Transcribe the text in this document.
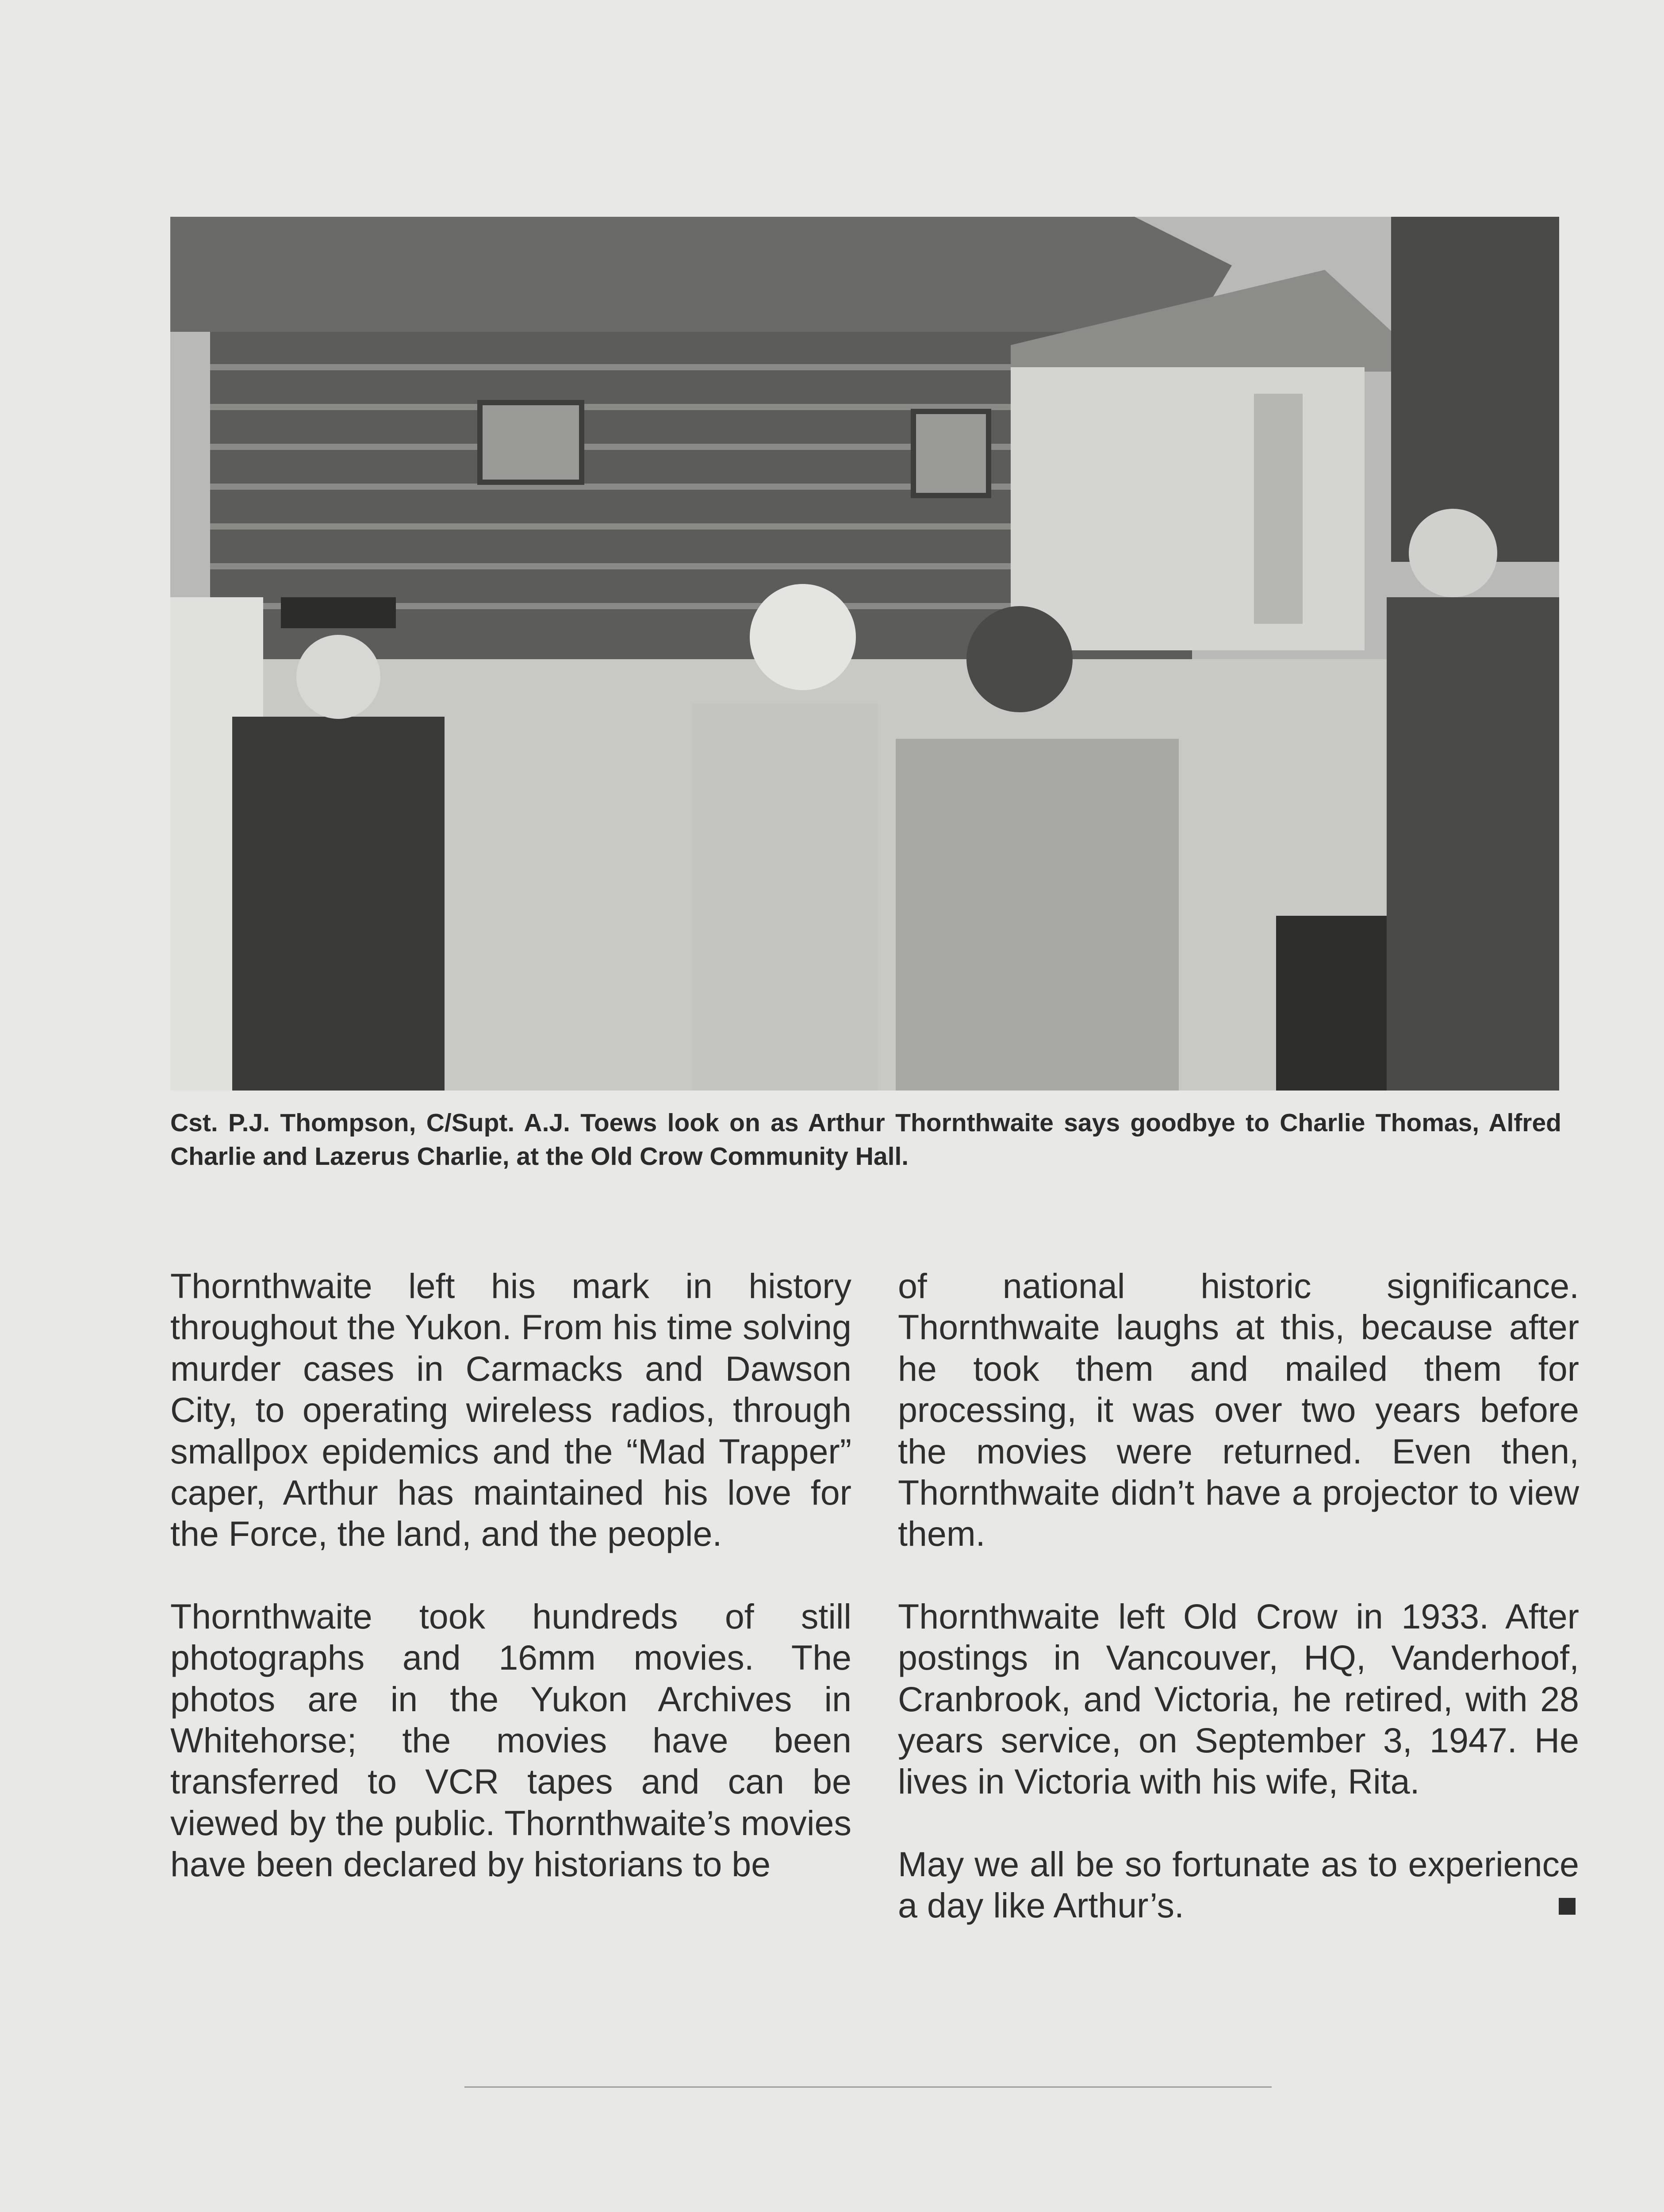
Cst. P.J. Thompson, C/Supt. A.J. Toews look on as Arthur Thornthwaite says goodbye to Charlie Thomas, Alfred Charlie and Lazerus Charlie, at the Old Crow Community Hall.

Thornthwaite left his mark in history throughout the Yukon. From his time solving murder cases in Carmacks and Dawson City, to operating wireless radios, through smallpox epidemics and the “Mad Trapper” caper, Arthur has maintained his love for the Force, the land, and the people.

Thornthwaite took hundreds of still photographs and 16mm movies. The photos are in the Yukon Archives in Whitehorse; the movies have been transferred to VCR tapes and can be viewed by the public. Thornthwaite’s movies have been declared by historians to be

of national historic significance. Thornthwaite laughs at this, because after he took them and mailed them for processing, it was over two years before the movies were returned. Even then, Thornthwaite didn’t have a projector to view them.

Thornthwaite left Old Crow in 1933. After postings in Vancouver, HQ, Vanderhoof, Cranbrook, and Victoria, he retired, with 28 years service, on September 3, 1947. He lives in Victoria with his wife, Rita.

May we all be so fortunate as to experience a day like Arthur’s.
